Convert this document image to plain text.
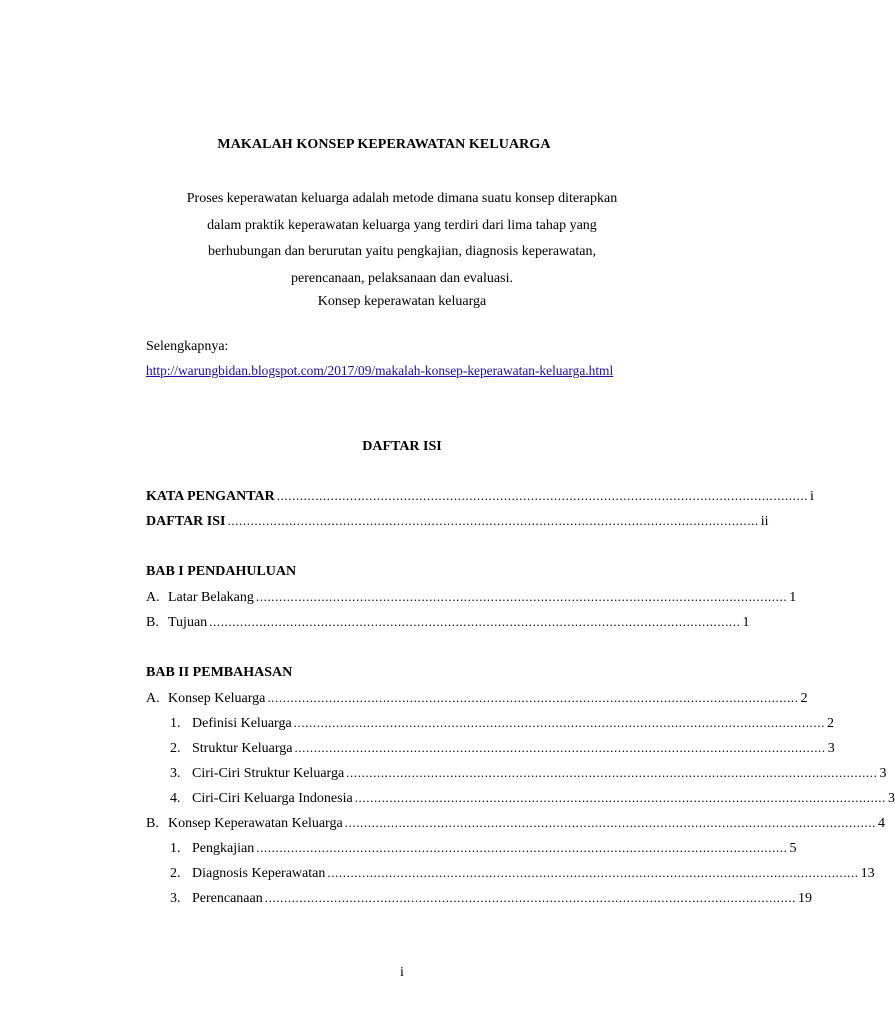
MAKALAH KONSEP KEPERAWATAN KELUARGA
Proses keperawatan keluarga adalah metode dimana suatu konsep diterapkan
dalam praktik keperawatan keluarga yang terdiri dari lima tahap yang
berhubungan dan berurutan yaitu pengkajian, diagnosis keperawatan,
perencanaan, pelaksanaan dan evaluasi.
Konsep keperawatan keluarga
Selengkapnya:
http://warungbidan.blogspot.com/2017/09/makalah-konsep-keperawatan-keluarga.html
DAFTAR ISI
KATA PENGANTAR .......................................................................................................................................... i
DAFTAR ISI .......................................................................................................................................... ii
BAB I PENDAHULUAN
A. Latar Belakang .......................................................................................................................................... 1
B. Tujuan .......................................................................................................................................... 1
BAB II PEMBAHASAN
A. Konsep Keluarga .......................................................................................................................................... 2
1. Definisi Keluarga .......................................................................................................................................... 2
2. Struktur Keluarga .......................................................................................................................................... 3
3. Ciri-Ciri Struktur Keluarga .......................................................................................................................................... 3
4. Ciri-Ciri Keluarga Indonesia .......................................................................................................................................... 3
B. Konsep Keperawatan Keluarga .......................................................................................................................................... 4
1. Pengkajian .......................................................................................................................................... 5
2. Diagnosis Keperawatan .......................................................................................................................................... 13
3. Perencanaan .......................................................................................................................................... 19
i
